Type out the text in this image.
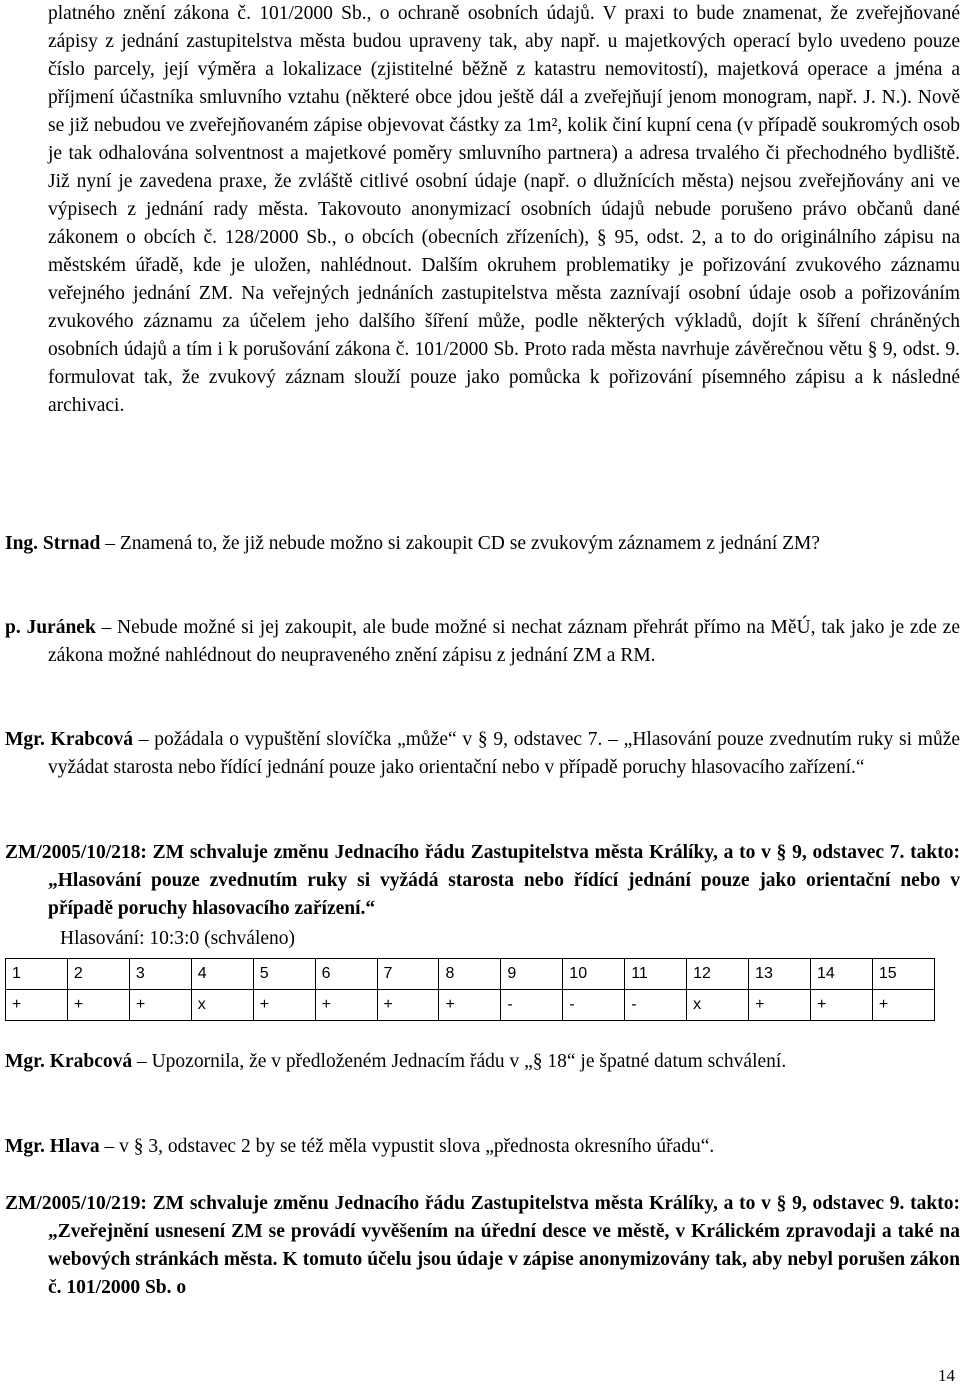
platného znění zákona č. 101/2000 Sb., o ochraně osobních údajů. V praxi to bude znamenat, že zveřejňované zápisy z jednání zastupitelstva města budou upraveny tak, aby např. u majetkových operací bylo uvedeno pouze číslo parcely, její výměra a lokalizace (zjistitelné běžně z katastru nemovitostí), majetková operace a jména a příjmení účastníka smluvního vztahu (některé obce jdou ještě dál a zveřejňují jenom monogram, např. J. N.). Nově se již nebudou ve zveřejňovaném zápise objevovat částky za 1m², kolik činí kupní cena (v případě soukromých osob je tak odhalována solventnost a majetkové poměry smluvního partnera) a adresa trvalého či přechodného bydliště. Již nyní je zavedena praxe, že zvláště citlivé osobní údaje (např. o dlužnících města) nejsou zveřejňovány ani ve výpisech z jednání rady města. Takovouto anonymizací osobních údajů nebude porušeno právo občanů dané zákonem o obcích č. 128/2000 Sb., o obcích (obecních zřízeních), § 95, odst. 2, a to do originálního zápisu na městském úřadě, kde je uložen, nahlédnout. Dalším okruhem problematiky je pořizování zvukového záznamu veřejného jednání ZM. Na veřejných jednáních zastupitelstva města zaznívají osobní údaje osob a pořizováním zvukového záznamu za účelem jeho dalšího šíření může, podle některých výkladů, dojít k šíření chráněných osobních údajů a tím i k porušování zákona č. 101/2000 Sb. Proto rada města navrhuje závěrečnou větu § 9, odst. 9. formulovat tak, že zvukový záznam slouží pouze jako pomůcka k pořizování písemného zápisu a k následné archivaci.

Ing. Strnad – Znamená to, že již nebude možno si zakoupit CD se zvukovým záznamem z jednání ZM?

p. Juránek – Nebude možné si jej zakoupit, ale bude možné si nechat záznam přehrát přímo na MěÚ, tak jako je zde ze zákona možné nahlédnout do neupraveného znění zápisu z jednání ZM a RM.

Mgr. Krabcová – požádala o vypuštění slovíčka „může“ v § 9, odstavec 7. – „Hlasování pouze zvednutím ruky si může vyžádat starosta nebo řídící jednání pouze jako orientační nebo v případě poruchy hlasovacího zařízení.“

ZM/2005/10/218: ZM schvaluje změnu Jednacího řádu Zastupitelstva města Králíky, a to v § 9, odstavec 7. takto: „Hlasování pouze zvednutím ruky si vyžádá starosta nebo řídící jednání pouze jako orientační nebo v případě poruchy hlasovacího zařízení.“

Hlasování: 10:3:0 (schváleno)
1	2	3	4	5	6	7	8	9	10	11	12	13	14	15
+	+	+	x	+	+	+	+	-	-	-	x	+	+	+

Mgr. Krabcová – Upozornila, že v předloženém Jednacím řádu v „§ 18“ je špatné datum schválení.

Mgr. Hlava – v § 3, odstavec 2 by se též měla vypustit slova „přednosta okresního úřadu“.

ZM/2005/10/219: ZM schvaluje změnu Jednacího řádu Zastupitelstva města Králíky, a to v § 9, odstavec 9. takto: „Zveřejnění usnesení ZM se provádí vyvěšením na úřední desce ve městě, v Králickém zpravodaji a také na webových stránkách města. K tomuto účelu jsou údaje v zápise anonymizovány tak, aby nebyl porušen zákon č. 101/2000 Sb. o

14
